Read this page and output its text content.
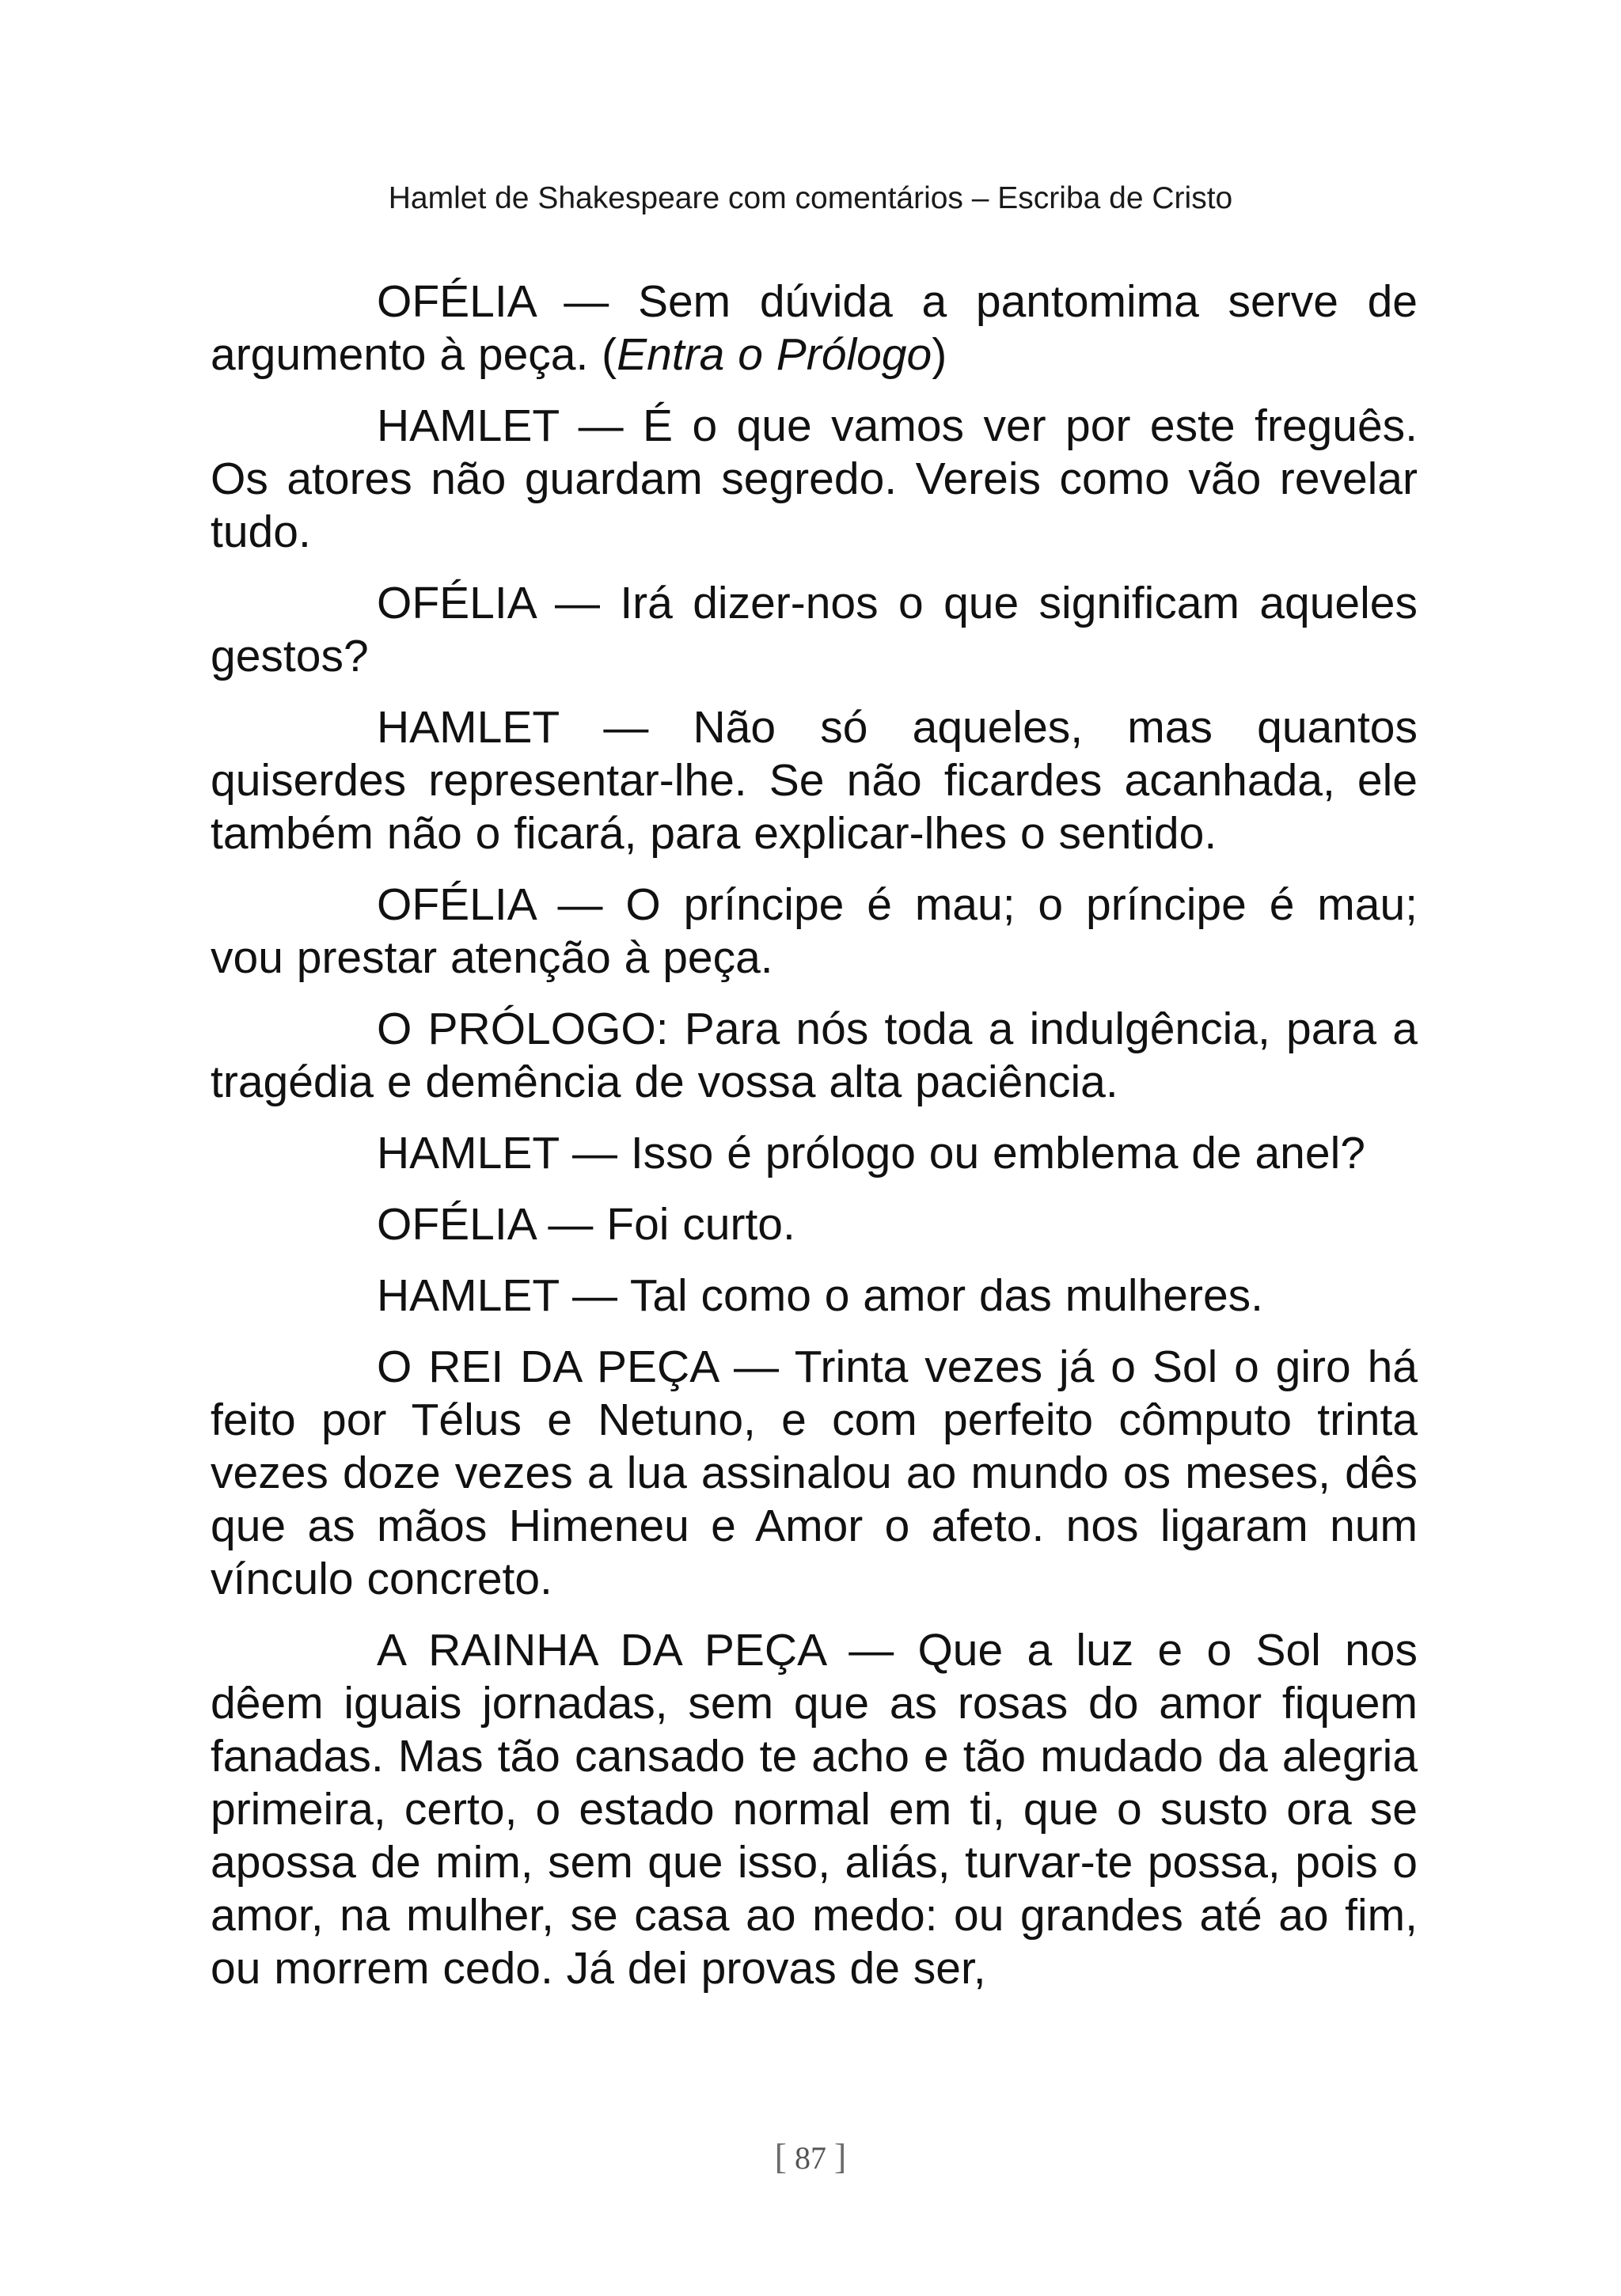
Hamlet de Shakespeare com comentários – Escriba de Cristo

OFÉLIA — Sem dúvida a pantomima serve de argumento à peça. (Entra o Prólogo)

HAMLET — É o que vamos ver por este freguês. Os atores não guardam segredo. Vereis como vão revelar tudo.

OFÉLIA — Irá dizer-nos o que significam aqueles gestos?

HAMLET — Não só aqueles, mas quantos quiserdes representar-lhe. Se não ficardes acanhada, ele também não o ficará, para explicar-lhes o sentido.

OFÉLIA — O príncipe é mau; o príncipe é mau; vou prestar atenção à peça.

O PRÓLOGO: Para nós toda a indulgência, para a tragédia e demência de vossa alta paciência.

HAMLET — Isso é prólogo ou emblema de anel?

OFÉLIA — Foi curto.

HAMLET — Tal como o amor das mulheres.

O REI DA PEÇA — Trinta vezes já o Sol o giro há feito por Télus e Netuno, e com perfeito cômputo trinta vezes doze vezes a lua assinalou ao mundo os meses, dês que as mãos Himeneu e Amor o afeto. nos ligaram num vínculo concreto.

A RAINHA DA PEÇA — Que a luz e o Sol nos dêem iguais jornadas, sem que as rosas do amor fiquem fanadas. Mas tão cansado te acho e tão mudado da alegria primeira, certo, o estado normal em ti, que o susto ora se apossa de mim, sem que isso, aliás, turvar-te possa, pois o amor, na mulher, se casa ao medo: ou grandes até ao fim, ou morrem cedo. Já dei provas de ser,

[ 87 ]
